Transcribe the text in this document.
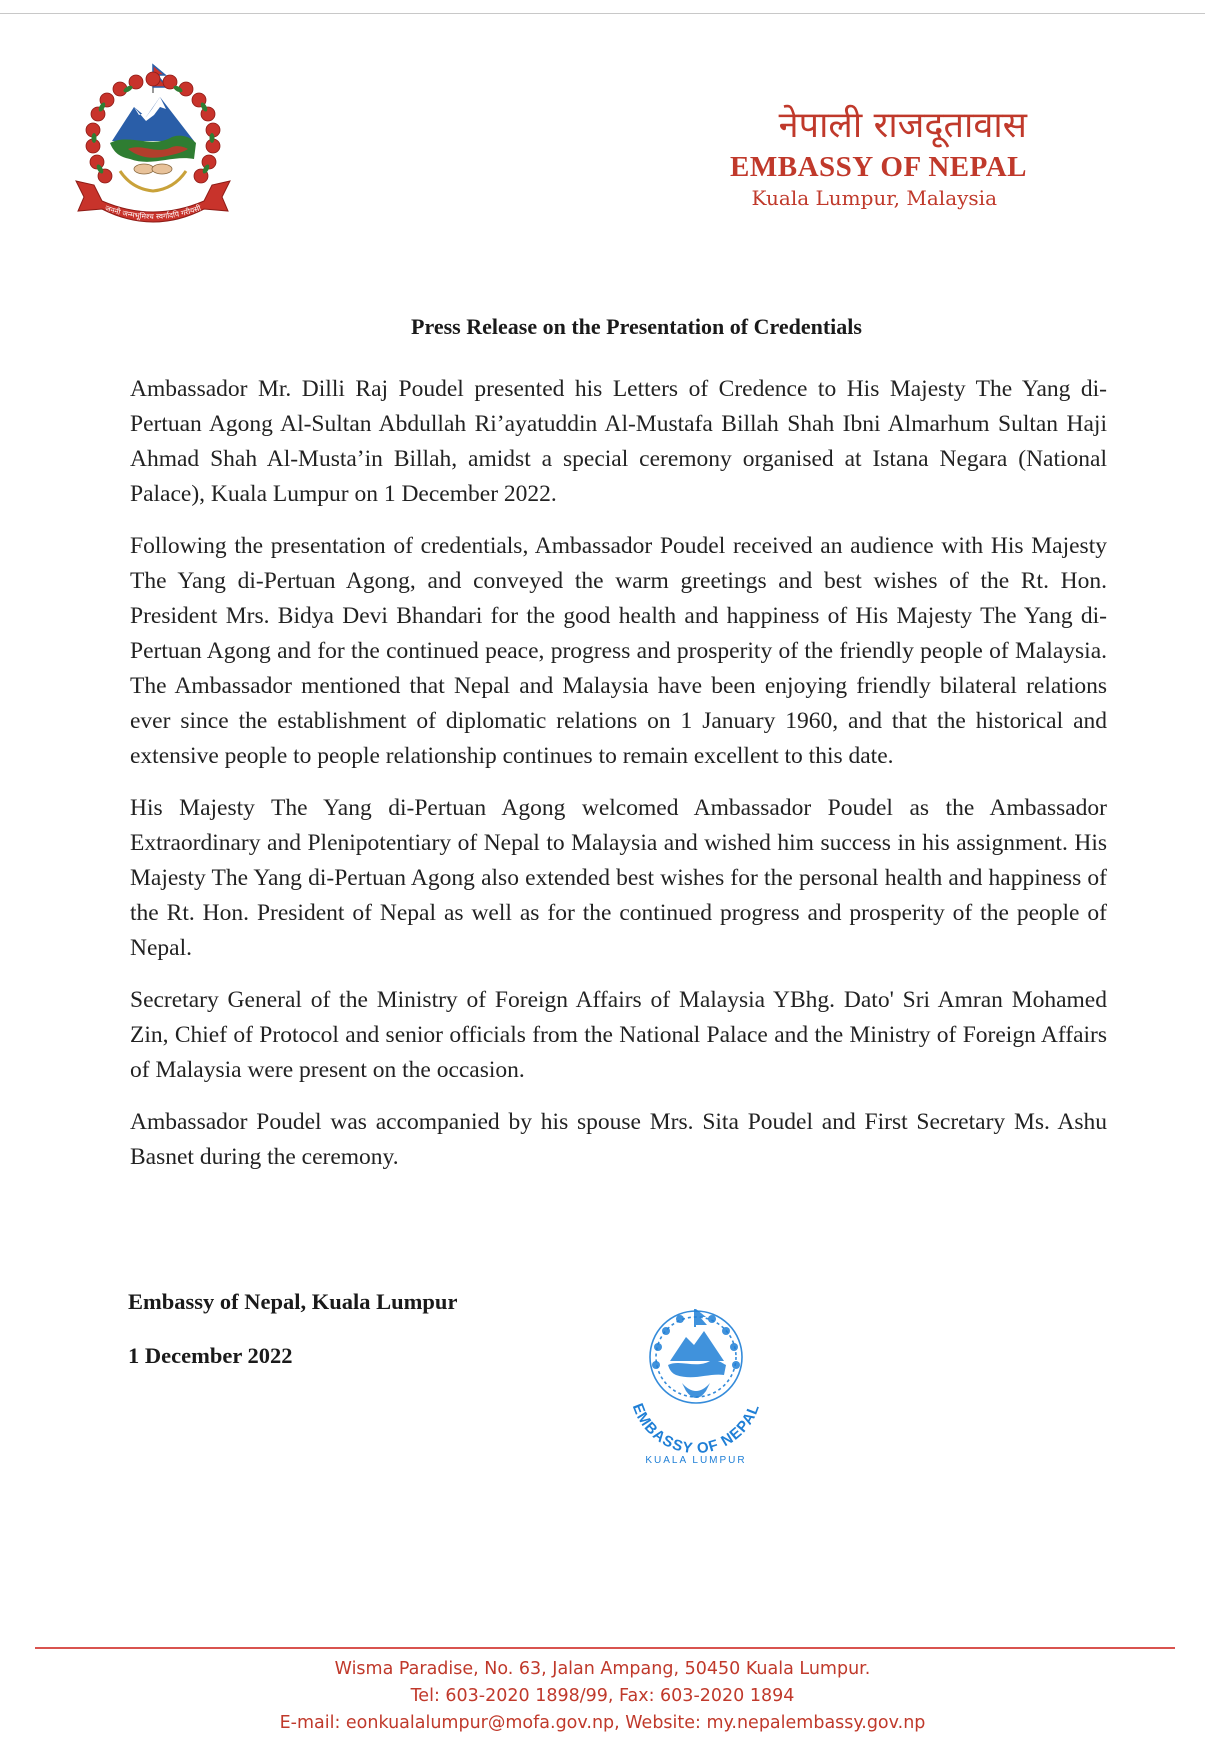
जननी जन्मभूमिश्च स्वर्गादपि गरीयसी
नेपाली राजदूतावास
EMBASSY OF NEPAL
Kuala Lumpur, Malaysia
Press Release on the Presentation of Credentials

Ambassador Mr. Dilli Raj Poudel presented his Letters of Credence to His Majesty The Yang di-Pertuan Agong Al-Sultan Abdullah Ri’ayatuddin Al-Mustafa Billah Shah Ibni Almarhum Sultan Haji Ahmad Shah Al-Musta’in Billah, amidst a special ceremony organised at Istana Negara (National Palace), Kuala Lumpur on 1 December 2022.

Following the presentation of credentials, Ambassador Poudel received an audience with His Majesty The Yang di-Pertuan Agong, and conveyed the warm greetings and best wishes of the Rt. Hon. President Mrs. Bidya Devi Bhandari for the good health and happiness of His Majesty The Yang di-Pertuan Agong and for the continued peace, progress and prosperity of the friendly people of Malaysia. The Ambassador mentioned that Nepal and Malaysia have been enjoying friendly bilateral relations ever since the establishment of diplomatic relations on 1 January 1960, and that the historical and extensive people to people relationship continues to remain excellent to this date.

His Majesty The Yang di-Pertuan Agong welcomed Ambassador Poudel as the Ambassador Extraordinary and Plenipotentiary of Nepal to Malaysia and wished him success in his assignment. His Majesty The Yang di-Pertuan Agong also extended best wishes for the personal health and happiness of the Rt. Hon. President of Nepal as well as for the continued progress and prosperity of the people of Nepal.

Secretary General of the Ministry of Foreign Affairs of Malaysia YBhg. Dato' Sri Amran Mohamed Zin, Chief of Protocol and senior officials from the National Palace and the Ministry of Foreign Affairs of Malaysia were present on the occasion.

Ambassador Poudel was accompanied by his spouse Mrs. Sita Poudel and First Secretary Ms. Ashu Basnet during the ceremony.

Embassy of Nepal, Kuala Lumpur
1 December 2022
EMBASSY OF NEPAL
KUALA LUMPUR
Wisma Paradise, No. 63, Jalan Ampang, 50450 Kuala Lumpur.
Tel: 603-2020 1898/99, Fax: 603-2020 1894
E-mail: eonkualalumpur@mofa.gov.np, Website: my.nepalembassy.gov.np
